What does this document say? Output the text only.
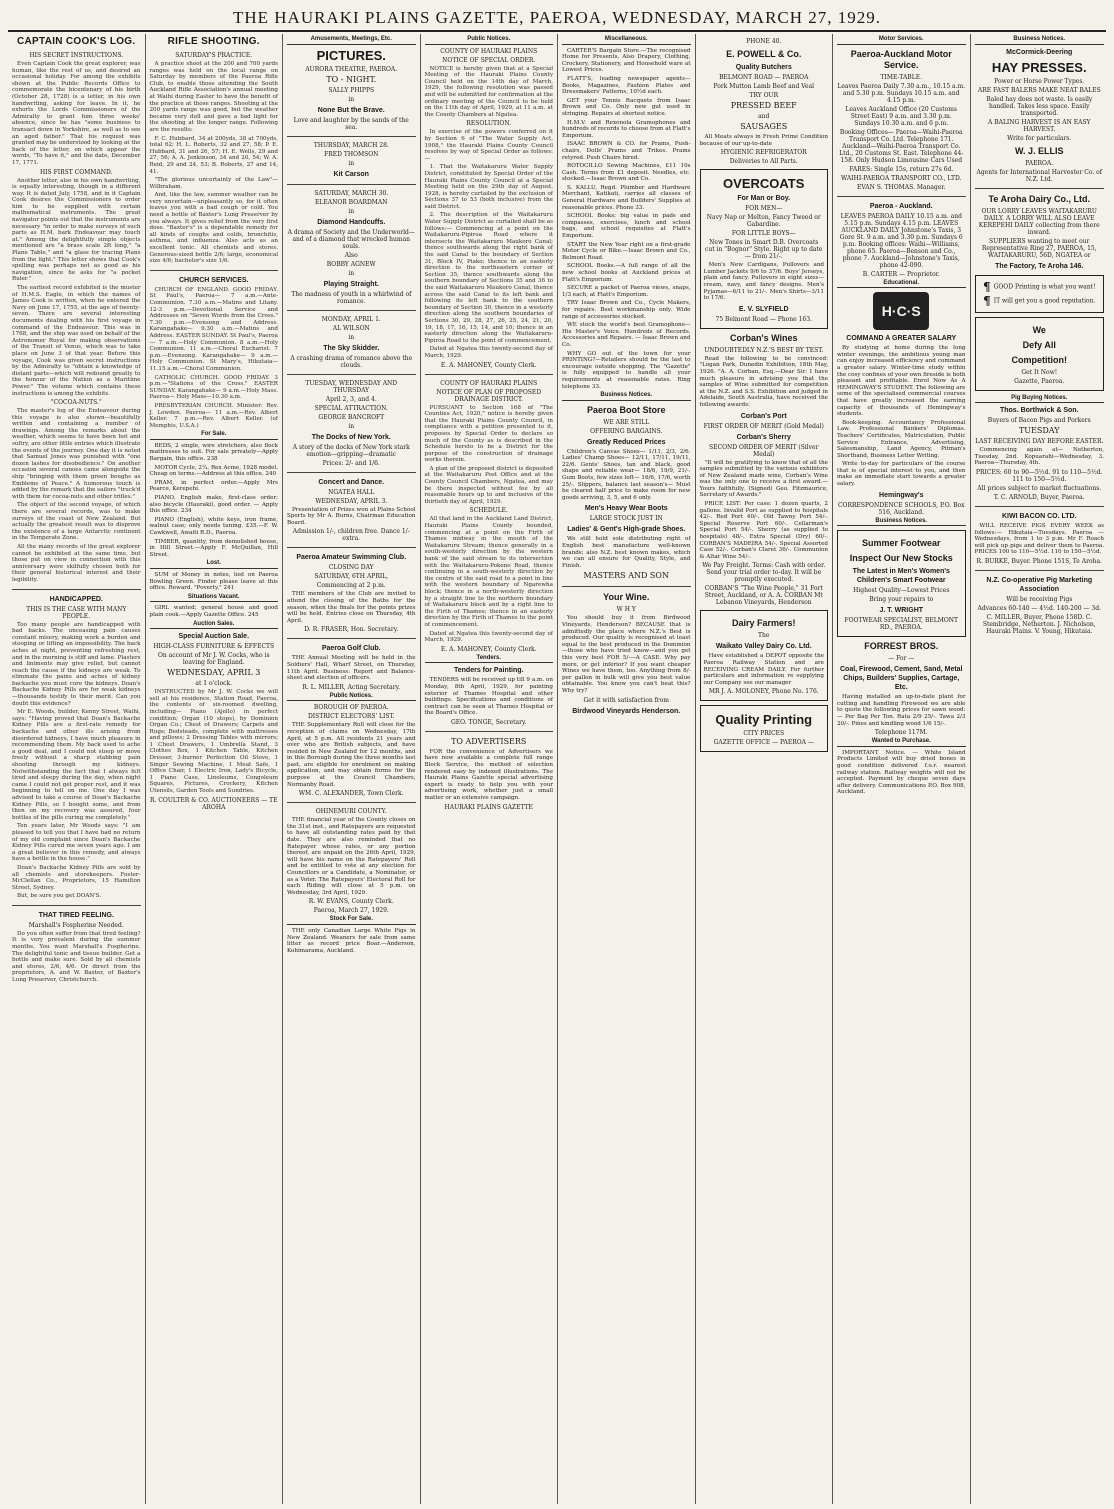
THE HAURAKI PLAINS GAZETTE, PAEROA, WEDNESDAY, MARCH 27, 1929.
CAPTAIN COOK'S LOG.
HIS SECRET INSTRUCTIONS.

Even Captain Cook the great explorer, was human, like the rest of us, and desired an occasional holiday. For among the exhibits shown at the Public Records Office to commemorate the bicentenary of his birth (October 28, 1728) is a letter, in his own handwriting, asking for leave. In it, he exhorts the Lords Commissioners of the Admiralty to grant him three weeks' absence, since he has "some business to transact down in Yorkshire, as well as to see an aged father." That his request was granted may be understood by looking at the back of the letter, on which appear the words, "To have it," and the date, December 17, 1771.

HIS FIRST COMMAND.

Another letter, also in his own handwriting, is equally interesting, though in a different way. It is dated July, 1758, and in it Captain Cook desires the Commissioners to order him to be supplied with certain mathematical instruments. The great navigator points out that the instruments are necessary "in order to make surveys of such parts as H.M. bark Endeavour may touch at." Among the delightfully simple objects mentioned are "a brass scale 2ft long," "a Plane Table," and "a glass for tracing Plans from the light." This letter shows that Cook's spelling was perhaps not as good as his navigation, since he asks for "a pocket Ruler."

The earliest record exhibited is the muster of H.M.S. Eagle, in which the names of James Cook is written, when he entered the Navy on June 17, 1755, at the age of twenty-seven. There are several interesting documents dealing with his first voyage in command of the Endeavour. This was in 1768, and the ship was used on behalf of the Astronomer Royal for making observations of the Transit of Venus, which was to take place on June 3 of that year. Before this voyage, Cook was given secret instructions by the Admiralty to "obtain a knowledge of distant parts—which will redound greatly to the honour of the Nation as a Maritime Power." The volume which contains these instructions is among the exhibits.

"COCOA-NUTS."

The master's log of the Endeavour during this voyage is also shown—beautifully written and containing a number of drawings. Among the remarks about the weather, which seems to have been hot and sultry, are other little entries which illustrate the events of the journey. One day it is noted that Samuel Jones was punished with "one dozen lashes for disobedience." On another occasion several canoes came alongside the ship "bringing with them green boughs as Emblems of Peace." A humorous touch is added by the remark that the sailors "truck'd with them for cocoa-nuts and other trifles."

The object of the second voyage, of which there are several records, was to make surveys of the coast of New Zealand. But actually the greatest result was to disprove the existence of a large Antarctic continent in the Temperate Zone.

All the many records of the great explorer cannot be exhibited at the same time, but those put on view in connection with this anniversary were skilfully chosen both for their general historical interest and their legibility.

HANDICAPPED.
THIS IS THE CASE WITH MANY PEOPLE.

Too many people are handicapped with bad backs. The unceasing pain causes constant misery, making work a burden and stooping or lifting an impossibility. The back aches at night, preventing refreshing rest, and in the morning is stiff and lame. Plasters and liniments may give relief, but cannot reach the cause if the kidneys are weak. To eliminate the pains and aches of kidney backache you must cure the kidneys. Doan's Backache Kidney Pills are for weak kidneys—thousands testify to their merit. Can you doubt this evidence?

Mr E. Woods, builder, Kenny Street, Waihi, says: "Having proved that Doan's Backache Kidney Pills are a first-rate remedy for backache and other ills arising from disordered kidneys, I have much pleasure in recommending them. My back used to ache a good deal, and I could not stoop or move freely without a sharp stabbing pain shooting through my kidneys. Notwithstanding the fact that I always felt tired and sleepy during the day, when night came I could not get proper rest, and it was beginning to tell on me. One day I was advised to take a course of Doan's Backache Kidney Pills, so I bought some, and from then on my recovery was assured, four bottles of the pills curing me completely."

Ten years later, Mr Woods says: "I am pleased to tell you that I have had no return of my old complaint since Doan's Backache Kidney Pills cured me seven years ago. I am a great believer in this remedy, and always have a bottle in the house."

Doan's Backache Kidney Pills are sold by all chemists and storekeepers. Foster-McClellan Co., Proprietors, 15 Hamilton Street, Sydney.

But, be sure you get DOAN'S.

THAT TIRED FEELING.
Marshall's Fospherine Needed.

Do you often suffer from that tired feeling? It is very prevalent during the summer months. You want Marshall's Fospherine. The delightful tonic and tissue builder. Get a bottle and make sure. Sold by all chemists and stores, 2/6, 4/6. Or direct from the proprietors, A. and W. Baxter, of Baxter's Lung Preserver, Christchurch.

RIFLE SHOOTING.
SATURDAY'S PRACTICE.

A practice shoot at the 200 and 700 yards ranges was held on the local range on Saturday by members of the Paeroa Rifle Club, to enable those attending the South Auckland Rifle Association's annual meeting at Waihi during Easter to have the benefit of the practice at those ranges. Shooting at the 200 yards range was good, but the weather became very dull and gave a bad light for the shooting at the longer range. Following are the results:

F. C. Hubbard, 34 at 200yds, 38 at 700yds, total 62; H. L. Roberts, 32 and 27, 58; P. E. Hubbard, 31 and 26, 57; H. E. Wells, 29 and 27, 56; A. A. Jenkinson, 34 and 20, 54; W. A. Reid, 29 and 24, 53; B. Roberts, 27 and 14, 41.

"The glorious uncertainty of the Law"—Wilbraham.

And, like the law, summer weather can be very uncertain—unpleasantly so, for it often leaves you with a bad cough or cold. You need a bottle of Baxter's Lung Preserver by you always. It gives relief from the very first dose. "Baxter's" is a dependable remedy for all kinds of coughs and colds, bronchitis, asthma, and influenza. Also acts as an excellent tonic. All chemists and stores. Generous-sized bottle 2/6; large, economical size 4/6; bachelor's size 1/6.

CHURCH SERVICES.

CHURCH OF ENGLAND. GOOD FRIDAY. St Paul's, Paeroa— 7 a.m.—Ante-Communion. 7.30 a.m.—Matins and Litany. 12-3 p.m.—Devotional Service and Addresses on "Seven Words from the Cross." 7.30 p.m.—Evensong and Address. Karangahake— 9.30 a.m.—Matins and Address. EASTER SUNDAY. St Paul's, Paeroa— 7 a.m.—Holy Communion. 8 a.m.—Holy Communion. 11 a.m.—Choral Eucharist. 7 p.m.—Evensong. Karangahake— 9 a.m.—Holy Communion. St Mary's, Hikutaia— 11.15 a.m.—Choral Communion.

CATHOLIC CHURCH. GOOD FRIDAY. 3 p.m.—"Stations of the Cross." EASTER SUNDAY. Karangahake— 9 a.m.—Holy Mass. Paeroa— Holy Mass—10.30 a.m.

PRESBYTERIAN CHURCH. Minister: Rev. J. Lowden. Paeroa— 11 a.m.—Rev. Albert Keller. 7 p.m.—Rev. Albert Keller. (of Memphis, U.S.A.)

For Sale.

BEDS, 2 single, wire stretchers, also flock mattresses to suit. For sale privately—Apply Bargain, this office. 238

MOTOR Cycle, 2¼, Rex Acme, 1928 model. Cheap on terms.—Address at this office. 240

PRAM, in perfect order.—Apply Mrs Pearce, Kerepehi.

PIANO, English make, first-class order; also bicycle (Hauraki), good order. — Apply this office. 234

PIANO (English), white keys, iron frame, walnut case; only needs tuning. £35.—F. W. Cawkwell, Awaiti R.D., Paeroa.

TIMBER, quantity, from demolished house, in Hill Street.—Apply F. McQuillan, Hill Street.

Lost.

SUM of Money in notes, lost on Paeroa Bowling Green. Finder please leave at this office. Reward. "Poverty." 241

Situations Vacant.

GIRL wanted; general house and good plain cook.—Apply Gazette Office. 245

Auction Sales.
Special Auction Sale.
HIGH-CLASS FURNITURE & EFFECTS
On account of Mr J. W. Cocks, who is leaving for England.
WEDNESDAY, APRIL 3
at 1 o'clock.

INSTRUCTED by Mr J. W. Cocks we will sell at his residence, Station Road, Paeroa, the contents of six-roomed dwelling, including— Piano (Ajello) in perfect condition; Organ (10 stops), by Dominion Organ Co.; Chest of Drawers; Carpets and Rugs; Bedsteads, complete with mattresses and pillows; 2 Dressing Tables with mirrors; 1 Chest Drawers, 1 Umbrella Stand, 3 Clothes Box, 1 Kitchen Table, Kitchen Dresser, 3-burner Perfection Oil Stove, 1 Singer Sewing Machine, 1 Meat Safe, 1 Office Chair, 1 Electric Iron, Lady's Bicycle, 1 Piano Case, Linoleums, Congoleum Squares, Pictures, Crockery, Kitchen Utensils, Garden Tools and Sundries.

R. COULTER & CO. AUCTIONEERS — TE AROHA
Amusements, Meetings, Etc.
PICTURES.
AURORA THEATRE, PAEROA.
TO - NIGHT.
SALLY PHIPPS
in
None But the Brave.
Love and laughter by the sands of the sea.
THURSDAY, MARCH 28.
FRED THOMSON
in
Kit Carson
SATURDAY, MARCH 30.
ELEANOR BOARDMAN
in
Diamond Handcuffs.
A drama of Society and the Underworld—and of a diamond that wrecked human souls.
Also
BOBBY AGNEW
in
Playing Straight.
The madness of youth in a whirlwind of romance.
MONDAY, APRIL 1.
AL WILSON
in
The Sky Skidder.
A crashing drama of romance above the clouds.
TUESDAY, WEDNESDAY AND THURSDAY
April 2, 3, and 4.
SPECIAL ATTRACTION.
GEORGE BANCROFT
in
The Docks of New York.
A story of the docks of New York stark emotion—gripping—dramatic
Prices: 2/- and 1/6.
Concert and Dance.
NGATEA HALL
WEDNESDAY, APRIL 3.

Presentation of Prizes won at Plains School Sports by Mr A. Burns, Chairman Education Board.

Admission 1/-, children free. Dance 1/- extra.
Paeroa Amateur Swimming Club.
CLOSING DAY
SATURDAY, 6TH APRIL,
Commencing at 2 p.m.

THE members of the Club are invited to attend the closing of the Baths for the season, when the finals for the points prizes will be held. Entries close on Thursday, 4th April.

D. R. FRASER, Hon. Secretary.
Paeroa Golf Club.

THE Annual Meeting will be held in the Soldiers' Hall, Wharf Street, on Thursday, 11th April. Business: Report and Balance-sheet and election of officers.

R. L. MILLER, Acting Secretary.
Public Notices.
BOROUGH OF PAEROA.
DISTRICT ELECTORS' LIST.

THE Supplementary Roll will close for the reception of claims on Wednesday, 17th April, at 5 p.m. All residents 21 years and over who are British subjects, and have resided in New Zealand for 12 months, and in this Borough during the three months last past, are eligible for enrolment on making application, and may obtain forms for the purpose at the Council Chambers, Normanby Road.

WM. C. ALEXANDER, Town Clerk.
OHINEMURI COUNTY.

THE financial year of the County closes on the 31st inst., and Ratepayers are requested to have all outstanding rates paid by that date. They are also reminded that no Ratepayer whose rates, or any portion thereof, are unpaid on the 26th April, 1929, will have his name on the Ratepayers' Roll and be entitled to vote at any election for Councillors or a Candidate, a Nominator, or as a Voter. The Ratepayers' Electoral Roll for each Riding will close at 5 p.m. on Wednesday, 3rd April, 1929.

R. W. EVANS, County Clerk.
Paeroa, March 27, 1929.
Stock For Sale.

THE only Canadian Large White Pigs in New Zealand. Weaners for sale from same litter as record price Boar.—Anderson, Kohimarama, Auckland.

Public Notices.
COUNTY OF HAURAKI PLAINS
NOTICE OF SPECIAL ORDER.

NOTICE is hereby given that at a Special Meeting of the Hauraki Plains County Council held on the 14th day of March, 1929, the following resolution was passed and will be submitted for confirmation at the ordinary meeting of the Council to be held on the 11th day of April, 1929, at 11 a.m. at the County Chambers at Ngatea.

RESOLUTION.

In exercise of the powers conferred on it by Section 6 of "The Water Supply Act, 1908," the Hauraki Plains County Council resolves by way of Special Order as follows:—

1. That the Waitakaruru Water Supply District, constituted by Special Order of the Hauraki Plains County Council at a Special Meeting held on the 29th day of August, 1928, is hereby curtailed by the exclusion of Sections 37 to 53 (both inclusive) from the said District.

2. The description of the Waitakaruru Water Supply District as curtailed shall be as follows:— Commencing at a point on the Waitakaruru-Pipiroa Road where it intersects the Waitakaruru Maukoro Canal; thence southwards along the right bank of the said Canal to the boundary of Section 31, Block IV, Piako; thence in an easterly direction to the northeastern corner of Section 35, thence southwards along the southern boundary of Sections 35 and 36 to the said Waitakaruru Maukoro Canal, thence across the said Canal to its left bank and following its left bank to the southern boundary of Section 30, thence in a westerly direction along the southern boundaries of Sections 30, 29, 28, 27, 26, 25, 24, 21, 20, 19, 18, 17, 16, 15, 14, and 10; thence in an easterly direction along the Waitakaruru-Pipiroa Road to the point of commencement.

Dated at Ngatea this twenty-second day of March, 1929.

E. A. MAHONEY, County Clerk.
COUNTY OF HAURAKI PLAINS
NOTICE OF PLAN OF PROPOSED DRAINAGE DISTRICT.

PURSUANT to Section 168 of "The Counties Act, 1920," notice is hereby given that the Hauraki Plains County Council, in compliance with a petition presented to it, proposes by Special Order to declare so much of the County as is described in the Schedule hereto to be a District for the purpose of the construction of drainage works therein.

A plan of the proposed district is deposited at the Waitakaruru Post Office and at the County Council Chambers, Ngatea, and may be there inspected without fee by all reasonable hours up to and inclusive of the thirtieth day of April, 1929.

SCHEDULE.

All that land in the Auckland Land District, Hauraki Plains County bounded, commencing at a point on the Firth of Thames midway in the mouth of the Waitakaruru Stream; thence generally in a south-westerly direction by the western bank of the said stream to its intersection with the Waitakaruru-Pokeno Road, thence continuing in a south-westerly direction by the centre of the said road to a point in line with the western boundary of Ngarewha block; thence in a north-westerly direction by a straight line to the northern boundary of Waitakaruru block and by a right line to the Firth of Thames; thence in an easterly direction by the Firth of Thames to the point of commencement.

Dated at Ngatea this twenty-second day of March, 1929.

E. A. MAHONEY, County Clerk.
Tenders.
Tenders for Painting.

TENDERS will be received up till 9 a.m. on Monday, 8th April, 1929, for painting exterior of Thames Hospital and other buildings. Specifications and conditions of contract can be seen at Thames Hospital or the Board's Office.

GEO. TONGE, Secretary.
TO ADVERTISERS

FOR the convenience of Advertisers we have now available a complete full range Block Service, the method of selection rendered easy by indexed illustrations. The Hauraki Plains Gazette special advertising expert is ready to help you with your advertising work, whether just a small matter or an extensive campaign.

HAURAKI PLAINS GAZETTE
Miscellaneous.

CARTER'S Bargain Store.—The recognised Home for Presents. Also Drapery, Clothing, Crockery, Stationery, and Household ware at Lowest Prices.

FLATT'S, leading newspaper agents—Books, Magazines, Fashion Plates and Dressmakers' Patterns, 10½d each.

GET your Tennis Racquets from Isaac Brown and Co. Only new gut used in stringing. Repairs at shortest notice.

H.M.V. and Rexonola Gramophones and hundreds of records to choose from at Flatt's Emporium.

ISAAC BROWN & CO. for Prams, Push-chairs, Dolls' Prams and Trikes. Prams retyred. Push Chairs hired.

ROTOCILLO Sewing Machines, £11 10s Cash. Terms from £1 deposit. Needles, etc. stocked.—Isaac Brown and Co.

S. KALLU, Regd. Plumber and Hardware Merchant, Katikati, carries all classes of General Hardware and Builders' Supplies at reasonable prices. Phone 33.

SCHOOL Books; big value in pads and compasses, exercises, lunch and school bags, and school requisites at Flatt's Emporium.

START the New Year right on a first-grade Motor Cycle or Bike.—Isaac Brown and Co., Belmont Road.

SCHOOL Books.—A full range of all the new school books at Auckland prices at Flatt's Emporium.

SECURE a packet of Paeroa views, snaps, 1/3 each, at Flatt's Emporium.

TRY Isaac Brown and Co., Cycle Makers, for repairs. Best workmanship only. Wide range of accessories stocked.

WE stock the world's best Gramophone—His Master's Voice. Hundreds of Records. Accessories and Repairs. — Isaac Brown and Co.

WHY GO out of the town for your PRINTING?—Retailers should be the last to encourage outside shopping. The "Gazette" is fully equipped to handle all your requirements at reasonable rates. Ring telephone 33.

Business Notices.
Paeroa Boot Store
WE ARE STILL
OFFERING BARGAINS.
Greatly Reduced Prices

Children's Canvas Shoes— 1/11, 2/3, 2/6. Ladies' Champ Shoes— 12/11, 17/11, 19/11, 22/6. Gents' Shoes, tan and black, good shape and reliable wear— 18/6, 19/9, 21/-. Gum Boots, few sizes left— 16/6, 17/6, worth 25/-. Slippers, balance last season's— Must be cleared half price to make room for new goods arriving, 3, 5, and 6 only.

Men's Heavy Wear Boots
LARGE STOCK JUST IN
Ladies' & Gent's High-grade Shoes.

We still hold sole distributing right of English best manufacture well-known brands; also N.Z. best known makes, which we can all ensure for Quality, Style, and Finish.

MASTERS AND SON
Your Wine.
W H Y

You should buy it from Birdwood Vineyards, Henderson? BECAUSE that is admittedly the place where N.Z.'s Best is produced. Our quality is recognised at least equal to the best produced in the Dominion—those who have tried know—and you get this very best FOR 5/-—A CASE. Why pay more, or get inferior? If you want cheaper Wines we have them, too. Anything from 8/- per gallon in bulk will give you best value obtainable. You know you can't beat this? Why try?

Get it with satisfaction from
Birdwood Vineyards Henderson.
PHONE 40.
E. POWELL & Co.
Quality Butchers
BELMONT ROAD — PAEROA
Pork Mutton Lamb Beef and Veal
TRY OUR
PRESSED BEEF
and
SAUSAGES

All Meats always in Fresh Prime Condition because of our up-to-date

HYGIENIC REFRIGERATOR
Deliveries to All Parts.
OVERCOATS
For Man or Boy.
FOR MEN—
Navy Nap or Melton, Fancy Tweed or Gabardine.
FOR LITTLE BOYS—
New Tones in Smart D.B. Overcoats cut in "Bognor" Style. Right up to date — from 21/-.

Men's New Cardigans, Pullovers and Lumber Jackets 9/6 to 37/6. Boys' Jerseys, plain and fancy. Pullovers in eight sizes—cream, navy, and fancy designs. Men's Pyjamas—6/11 to 21/-. Men's Shirts—3/11 to 17/6.

E. V. SLYFIELD
75 Belmont Road — Phone 163.
Corban's Wines
UNDOUBTEDLY N.Z.'S BEST BY TEST.

Read the following to be convinced: "Logan Park, Dunedin Exhibition, 18th May, 1926. "A. A. Corban, Esq.—Dear Sir: I have much pleasure in advising you that the samples of Wine submitted for competition at the N.Z. and S.S. Exhibition and judged in Adelaide, South Australia, have received the following awards:

Corban's Port
FIRST ORDER OF MERIT (Gold Medal)
Corban's Sherry
SECOND ORDER OF MERIT (Silver Medal)

"It will be gratifying to know that of all the samples submitted by the various exhibitors of New Zealand made wine, Corban's Wine was the only one to receive a first award.—Yours faithfully, (Signed) Geo. Fitzmaurice, Secretary of Awards."

PRICE LIST: Per case: 1 dozen quarts, 2 gallons. Invalid Port as supplied to hospitals 42/-. Red Port 40/-. Old Tawny Port 54/-. Special Reserve Port 60/-. Cellarman's Special Port 54/-. Sherry (as supplied to hospitals) 48/-. Extra Special (Dry) 60/-. CORBAN'S MADEIRA 54/-. Special Assorted Case 52/-. Corban's Claret 36/-. Communion & Altar Wine 54/-.

We Pay Freight. Terms: Cash with order. Send your trial order to-day. It will be promptly executed.
CORBAN'S "The Wine People," 31 Fort Street, Auckland, or A. A. CORBAN Mt Lebanon Vineyards, Henderson
Dairy Farmers!
The
Waikato Valley Dairy Co. Ltd.

Have established a DEPOT opposite the Paeroa Railway Station and are RECEIVING CREAM DAILY. For further particulars and information re supplying our Company see our manager

MR J. A. MOLONEY, Phone No. 176.
Quality Printing
CITY PRICES
GAZETTE OFFICE — PAEROA —
Motor Services.
Paeroa-Auckland Motor Service.
TIME-TABLE.
Leaves Paeroa Daily 7.30 a.m., 10.15 a.m. and 5.30 p.m. Sundays 10.15 a.m. and 4.15 p.m.
Leaves Auckland Office (20 Customs Street East) 9 a.m. and 3.30 p.m. Sundays 10.30 a.m. and 6 p.m.
Booking Offices— Paeroa—Waihi-Paeroa Transport Co. Ltd. Telephone 171. Auckland—Waihi-Paeroa Transport Co. Ltd., 20 Customs St. East. Telephone 44-158. Only Hudson Limousine Cars Used
FARES: Single 15s, return 27s 6d.
WAIHI-PAEROA TRANSPORT CO., LTD.
EVAN S. THOMAS. Manager.
Paeroa - Auckland.
LEAVES PAEROA DAILY 10.15 a.m. and 5.15 p.m. Sundays 4.15 p.m. LEAVES AUCKLAND DAILY Johnstone's Taxis, 3 Gore St. 9 a.m. and 3.30 p.m. Sundays 6 p.m. Booking offices: Waihi—Williams, phone 65. Paeroa—Benson and Co., phone 7. Auckland—Johnstone's Taxis, phone 42-090.
B. CARTER — Proprietor.
Educational.
H·C·S
COMMAND A GREATER SALARY

By studying at home during the long winter evenings, the ambitious young man can enjoy increased efficiency and command a greater salary. Winter-time study within the cosy confines of your own fireside is both pleasant and profitable. Enrol Now As A HEMINGWAY'S STUDENT. The following are some of the specialised commercial courses that have greatly increased the earning capacity of thousands of Hemingway's students.

Book-keeping. Accountancy Professional Law. Professional Bankers' Diplomas. Teachers' Certificates, Matriculation, Public Service Entrance, Advertising, Salesmanship, Land Agency, Pitman's Shorthand, Business Letter Writing.

Write to-day for particulars of the course that is of special interest to you, and then make an immediate start towards a greater salary.

Hemingway's
CORRESPONDENCE SCHOOLS, P.O. Box 516, Auckland.
Business Notices.
Summer Footwear
Inspect Our New Stocks
The Latest in Men's Women's Children's Smart Footwear
Highest Quality—Lowest Prices
Bring your repairs to
J. T. WRIGHT
FOOTWEAR SPECIALIST, BELMONT RD., PAEROA.
FORREST BROS.
— For —
Coal, Firewood, Cement, Sand, Metal Chips, Builders' Supplies, Cartage, Etc.

Having installed an up-to-date plant for cutting and handling Firewood we are able to quote the following prices for sawn wood:— Per Bag Per Ton. Rata 2/9 25/-. Tawa 2/3 20/-. Pines and kindling wood 1/6 15/-.

Telephone 117M.
Wanted to Purchase.

IMPORTANT Notice. — White Island Products Limited will buy dried bones in good condition delivered f.o.r. nearest railway station. Railway weights will not be accepted. Payment by cheque seven days after delivery. Communications P.O. Box 908, Auckland.

Business Notices.
McCormick-Deering
HAY PRESSES.
Power or Horse Power Types.
ARE FAST BALERS MAKE NEAT BALES
Baled hay does not waste. Is easily handled. Takes less space. Easily transported.
A BALING HARVEST IS AN EASY HARVEST.
Write for particulars.
W. J. ELLIS
PAEROA.
Agents for International Harvester Co. of N.Z. Ltd.
Te Aroha Dairy Co., Ltd.
OUR LORRY LEAVES WAITAKARURU DAILY. A LORRY WILL ALSO LEAVE KEREPEHI DAILY collecting from there inward.
SUPPLIERS wanting to meet our Representative Ring 27, PAEROA, 15, WAITAKARURU, 56D, NGATEA or
The Factory, Te Aroha 146.
¶ GOOD Printing is what you want!
¶ IT will get you a good reputation.
We
Defy All
Competition!
Get It Now!
Gazette, Paeroa.
Pig Buying Notices.
Thos. Borthwick & Son.
Buyers of Bacon Pigs and Porkers
TUESDAY
LAST RECEIVING DAY BEFORE EASTER.

Commencing again at— Netherton, Tuesday, 2nd. Kopuarahi—Wednesday, 3. Paeroa—Thursday, 4th.

PRICES: 60 to 90—5½d. 91 to 110—5½d. 111 to 150—5½d.
All prices subject to market fluctuations.
T. C. ARNOLD, Buyer, Paeroa.
KIWI BACON CO. LTD.

WILL RECEIVE PIGS EVERY WEEK as follows:— Hikutaia—Tuesdays. Paeroa — Wednesdays, from 1 to 3 p.m. Mr F. Roach will pick up pigs and deliver them to Paeroa. PRICES 100 to 110—5½d. 110 to 150—5½d.

R. BURKE, Buyer. Phone 151S, Te Aroha.
N.Z. Co-operative Pig Marketing Association
Will be receiving Pigs
Advances 60-140 — 4½d. 140-200 — 3d.
C. MILLER, Buyer, Phone 158D. C. Stembridge, Netherton. J. Nicholson, Hauraki Plains. V. Young, Hikutaia.
